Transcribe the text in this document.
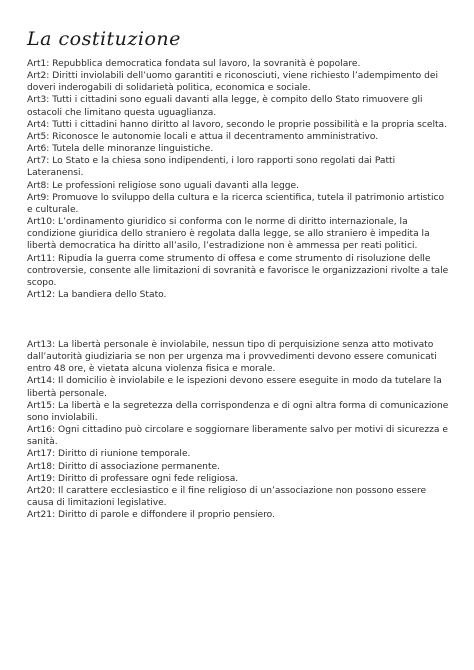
La costituzione

Art1: Repubblica democratica fondata sul lavoro, la sovranità è popolare.

Art2: Diritti inviolabili dell’uomo garantiti e riconosciuti, viene richiesto l’adempimento dei doveri inderogabili di solidarietà politica, economica e sociale.

Art3: Tutti i cittadini sono eguali davanti alla legge, è compito dello Stato rimuovere gli ostacoli che limitano questa uguaglianza.

Art4: Tutti i cittadini hanno diritto al lavoro, secondo le proprie possibilità e la propria scelta.

Art5: Riconosce le autonomie locali e attua il decentramento amministrativo.

Art6: Tutela delle minoranze linguistiche.

Art7: Lo Stato e la chiesa sono indipendenti, i loro rapporti sono regolati dai Patti Lateranensi.

Art8: Le professioni religiose sono uguali davanti alla legge.

Art9: Promuove lo sviluppo della cultura e la ricerca scientifica, tutela il patrimonio artistico e culturale.

Art10: L’ordinamento giuridico si conforma con le norme di diritto internazionale, la condizione giuridica dello straniero è regolata dalla legge, se allo straniero è impedita la libertà democratica ha diritto all’asilo, l’estradizione non è ammessa per reati politici.

Art11: Ripudia la guerra come strumento di offesa e come strumento di risoluzione delle controversie, consente alle limitazioni di sovranità e favorisce le organizzazioni rivolte a tale scopo.

Art12: La bandiera dello Stato.

Art13: La libertà personale è inviolabile, nessun tipo di perquisizione senza atto motivato dall’autorità giudiziaria se non per urgenza ma i provvedimenti devono essere comunicati entro 48 ore, è vietata alcuna violenza fisica e morale.

Art14: Il domicilio è inviolabile e le ispezioni devono essere eseguite in modo da tutelare la libertà personale.

Art15: La libertà e la segretezza della corrispondenza e di ogni altra forma di comunicazione sono inviolabili.

Art16: Ogni cittadino può circolare e soggiornare liberamente salvo per motivi di sicurezza e sanità.

Art17: Diritto di riunione temporale.

Art18: Diritto di associazione permanente.

Art19: Diritto di professare ogni fede religiosa.

Art20: Il carattere ecclesiastico e il fine religioso di un’associazione non possono essere causa di limitazioni legislative.

Art21: Diritto di parole e diffondere il proprio pensiero.
